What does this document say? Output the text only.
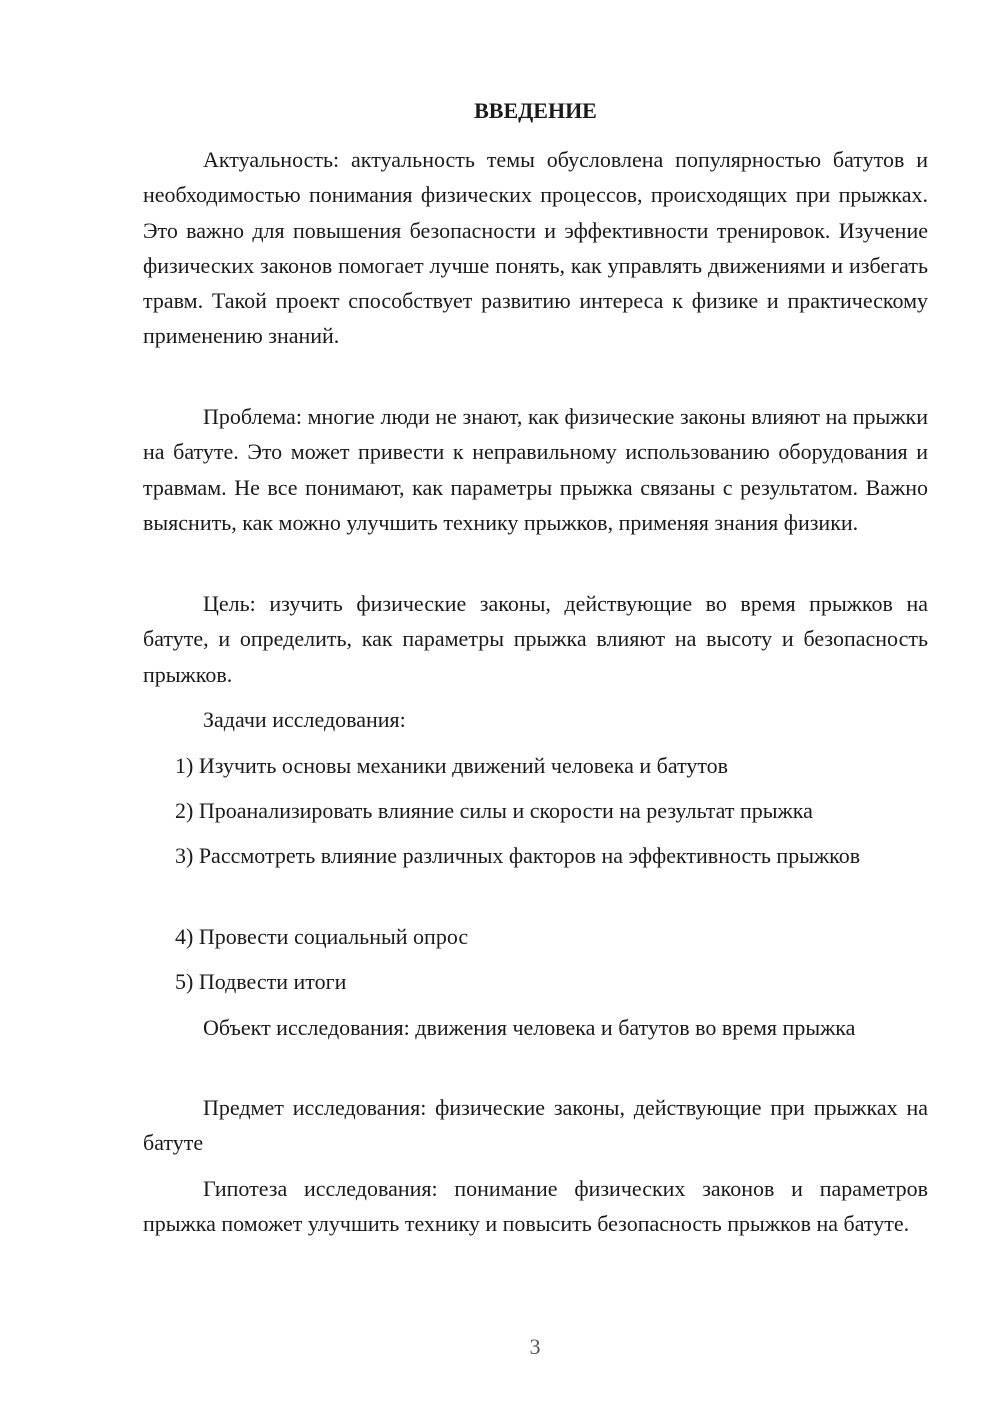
ВВЕДЕНИЕ

Актуальность: актуальность темы обусловлена популярностью батутов и необходимостью понимания физических процессов, происходящих при прыжках. Это важно для повышения безопасности и эффективности тренировок. Изучение физических законов помогает лучше понять, как управлять движениями и избегать травм. Такой проект способствует развитию интереса к физике и практическому применению знаний.

Проблема: многие люди не знают, как физические законы влияют на прыжки на батуте. Это может привести к неправильному использованию оборудования и травмам. Не все понимают, как параметры прыжка связаны с результатом. Важно выяснить, как можно улучшить технику прыжков, применяя знания физики.

Цель: изучить физические законы, действующие во время прыжков на батуте, и определить, как параметры прыжка влияют на высоту и безопасность прыжков.

Задачи исследования:

1) Изучить основы механики движений человека и батутов

2) Проанализировать влияние силы и скорости на результат прыжка

3) Рассмотреть влияние различных факторов на эффективность прыжков

4) Провести социальный опрос

5) Подвести итоги

Объект исследования: движения человека и батутов во время прыжка

Предмет исследования: физические законы, действующие при прыжках на батуте

Гипотеза исследования: понимание физических законов и параметров прыжка поможет улучшить технику и повысить безопасность прыжков на батуте.

3
